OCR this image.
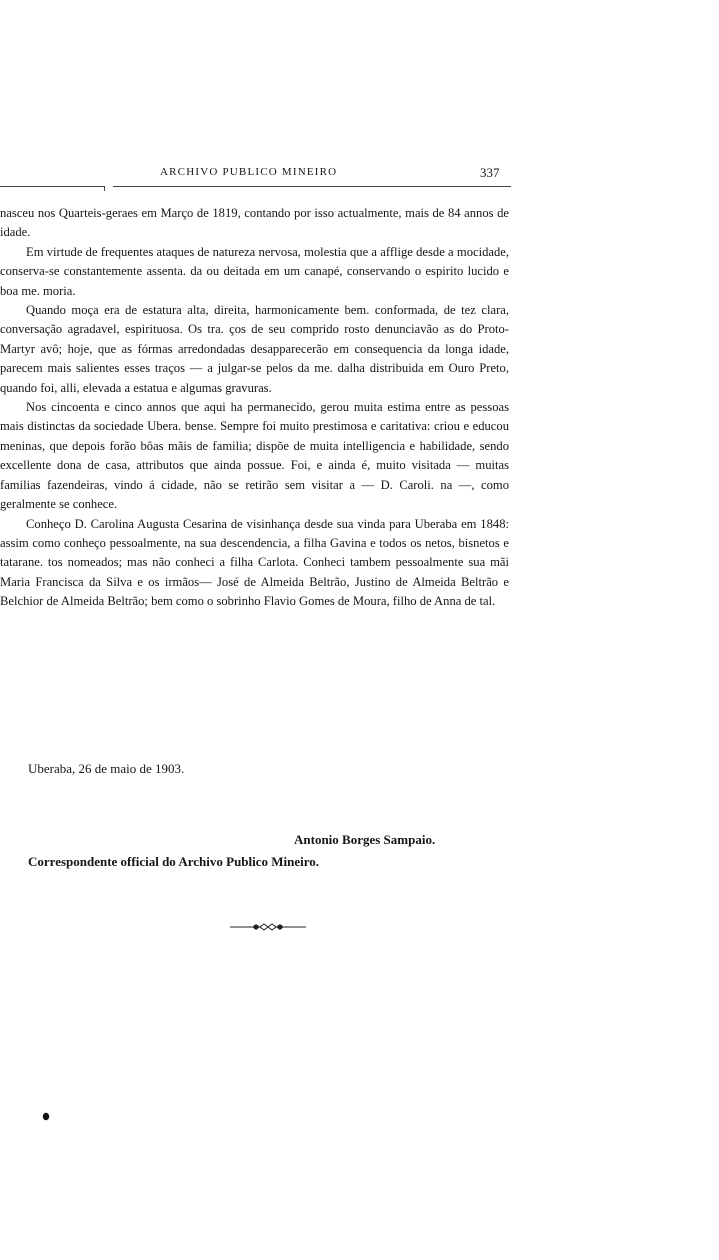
ARCHIVO PUBLICO MINEIRO	337

nasceu nos Quarteis-geraes em Março de 1819, contando por isso actualmente, mais de 84 annos de idade.

Em virtude de frequentes ataques de natureza nervosa, molestia que a afflige desde a mocidade, conserva-se constantemente assenta. da ou deitada em um canapé, conservando o espirito lucido e boa me. moria.

Quando moça era de estatura alta, direita, harmonicamente bem. conformada, de tez clara, conversação agradavel, espirituosa. Os tra. ços de seu comprido rosto denunciavão as do Proto-Martyr avô; hoje, que as fórmas arredondadas desapparecerão em consequencia da longa idade, parecem mais salientes esses traços — a julgar-se pelos da me. dalha distribuida em Ouro Preto, quando foi, alli, elevada a estatua e algumas gravuras.

Nos cincoenta e cinco annos que aqui ha permanecido, gerou muita estima entre as pessoas mais distinctas da sociedade Ubera. bense. Sempre foi muito prestimosa e caritativa: criou e educou meninas, que depois forão bôas mãis de familia; dispõe de muita intelligencia e habilidade, sendo excellente dona de casa, attributos que ainda possue. Foi, e ainda é, muito visitada — muitas familias fazendeiras, vindo á cidade, não se retirão sem visitar a — D. Caroli. na —, como geralmente se conhece.

Conheço D. Carolina Augusta Cesarina de visinhança desde sua vinda para Uberaba em 1848: assim como conheço pessoalmente, na sua descendencia, a filha Gavina e todos os netos, bisnetos e tatarane. tos nomeados; mas não conheci a filha Carlota. Conheci tambem pessoalmente sua mãi Maria Francisca da Silva e os irmãos— José de Almeida Beltrão, Justino de Almeida Beltrão e Belchior de Almeida Beltrão; bem como o sobrinho Flavio Gomes de Moura, filho de Anna de tal.

Uberaba, 26 de maio de 1903.
Antonio Borges Sampaio.
Correspondente official do Archivo Publico Mineiro.
